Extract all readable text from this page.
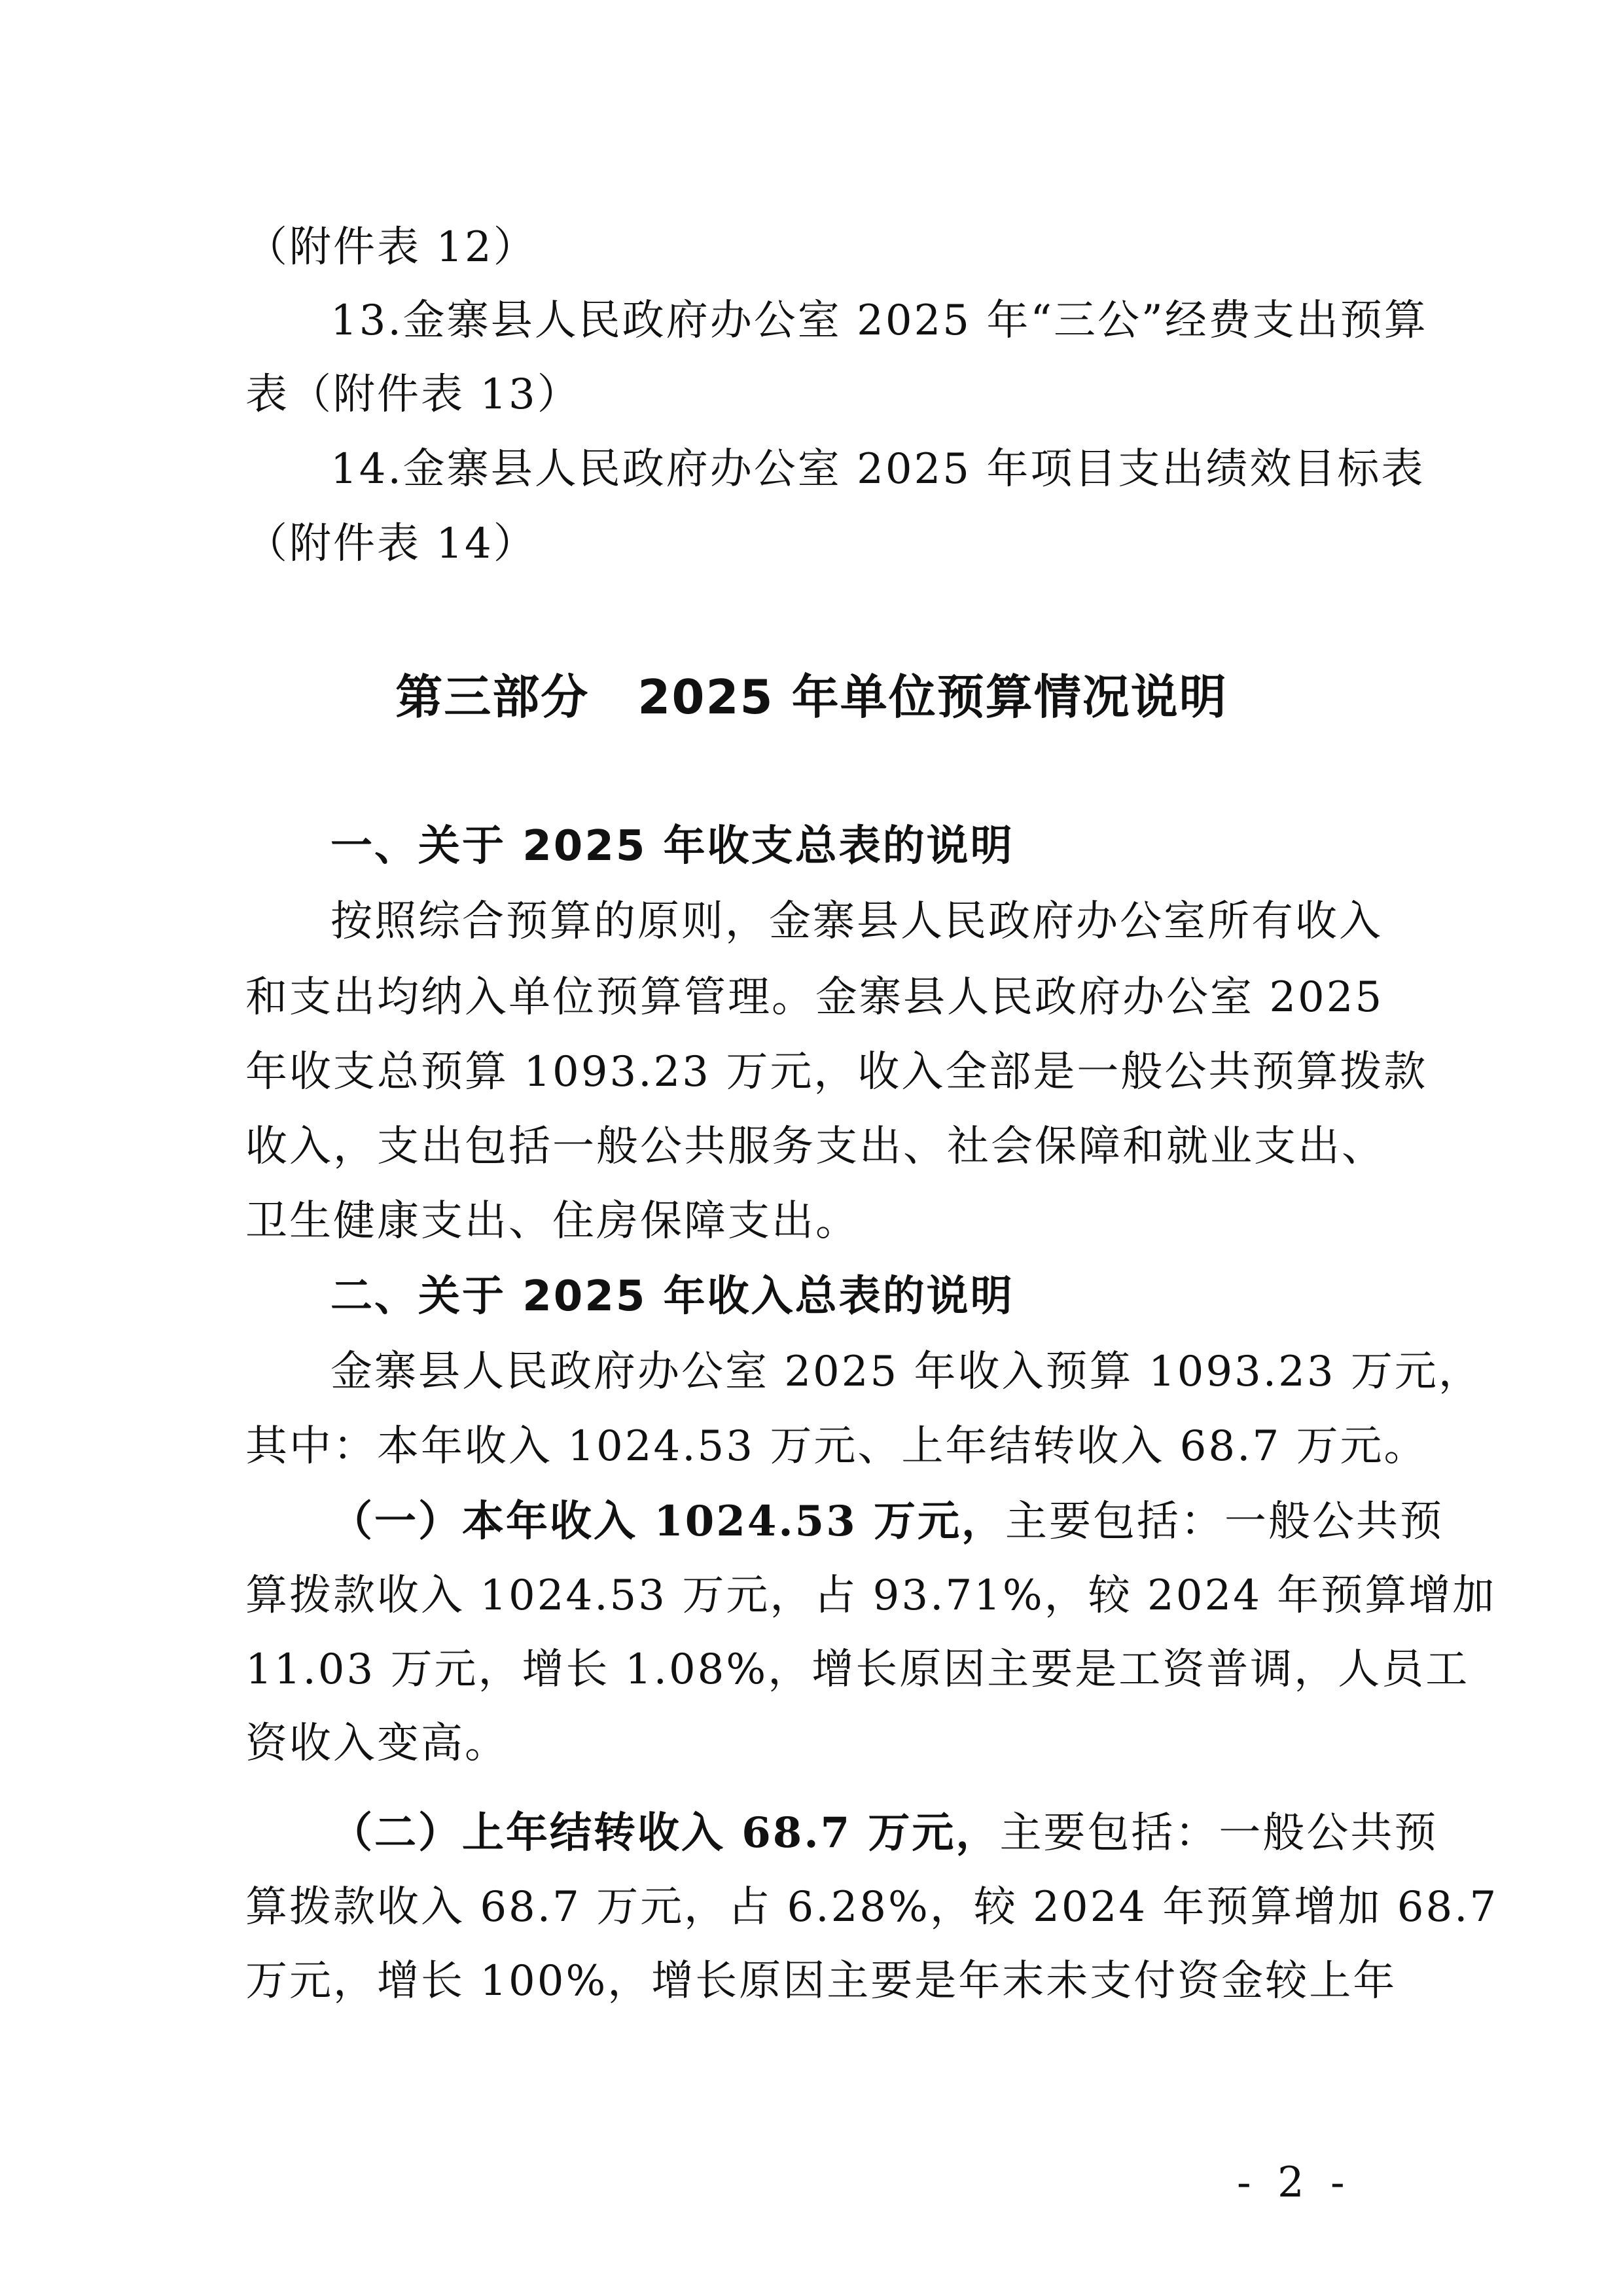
（附件表 12）
13.金寨县人民政府办公室 2025 年“三公”经费支出预算
表（附件表 13）
14.金寨县人民政府办公室 2025 年项目支出绩效目标表
（附件表 14）
第三部分　2025 年单位预算情况说明
一、关于 2025 年收支总表的说明
按照综合预算的原则，金寨县人民政府办公室所有收入
和支出均纳入单位预算管理。金寨县人民政府办公室 2025
年收支总预算 1093.23 万元，收入全部是一般公共预算拨款
收入，支出包括一般公共服务支出、社会保障和就业支出、
卫生健康支出、住房保障支出。
二、关于 2025 年收入总表的说明
金寨县人民政府办公室 2025 年收入预算 1093.23 万元，
其中：本年收入 1024.53 万元、上年结转收入 68.7 万元。
（一）本年收入 1024.53 万元，主要包括：一般公共预
算拨款收入 1024.53 万元，占 93.71%，较 2024 年预算增加
11.03 万元，增长 1.08%，增长原因主要是工资普调，人员工
资收入变高。
（二）上年结转收入 68.7 万元，主要包括：一般公共预
算拨款收入 68.7 万元，占 6.28%，较 2024 年预算增加 68.7
万元，增长 100%，增长原因主要是年末未支付资金较上年
- 2 -
